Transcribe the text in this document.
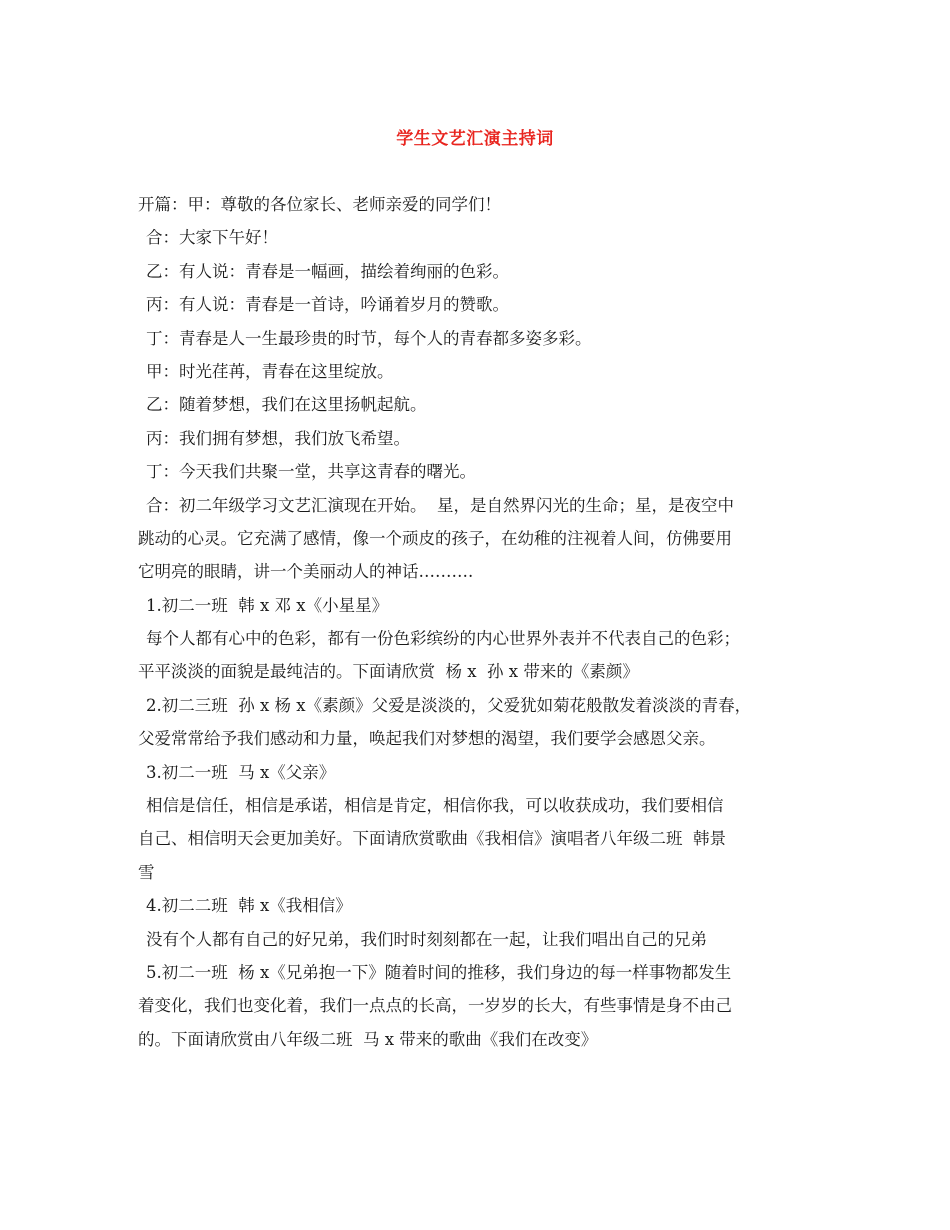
学生文艺汇演主持词

开篇：甲：尊敬的各位家长、老师亲爱的同学们！

合：大家下午好！

乙：有人说：青春是一幅画，描绘着绚丽的色彩。

丙：有人说：青春是一首诗，吟诵着岁月的赞歌。

丁：青春是人一生最珍贵的时节，每个人的青春都多姿多彩。

甲：时光荏苒，青春在这里绽放。

乙：随着梦想，我们在这里扬帆起航。

丙：我们拥有梦想，我们放飞希望。

丁：今天我们共聚一堂，共享这青春的曙光。

合：初二年级学习文艺汇演现在开始。  星，是自然界闪光的生命；星，是夜空中

跳动的心灵。它充满了感情，像一个顽皮的孩子，在幼稚的注视着人间，仿佛要用

它明亮的眼睛，讲一个美丽动人的神话……….

1.初二一班  韩 x 邓 x《小星星》

每个人都有心中的色彩，都有一份色彩缤纷的内心世界外表并不代表自己的色彩；

平平淡淡的面貌是最纯洁的。下面请欣赏  杨 x  孙 x 带来的《素颜》

2.初二三班  孙 x 杨 x《素颜》父爱是淡淡的，父爱犹如菊花般散发着淡淡的青春，

父爱常常给予我们感动和力量，唤起我们对梦想的渴望，我们要学会感恩父亲。

3.初二一班  马 x《父亲》

相信是信任，相信是承诺，相信是肯定，相信你我，可以收获成功，我们要相信

自己、相信明天会更加美好。下面请欣赏歌曲《我相信》演唱者八年级二班  韩景

雪

4.初二二班  韩 x《我相信》

没有个人都有自己的好兄弟，我们时时刻刻都在一起，让我们唱出自己的兄弟

5.初二一班  杨 x《兄弟抱一下》随着时间的推移，我们身边的每一样事物都发生

着变化，我们也变化着，我们一点点的长高，一岁岁的长大，有些事情是身不由己

的。下面请欣赏由八年级二班  马 x 带来的歌曲《我们在改变》
